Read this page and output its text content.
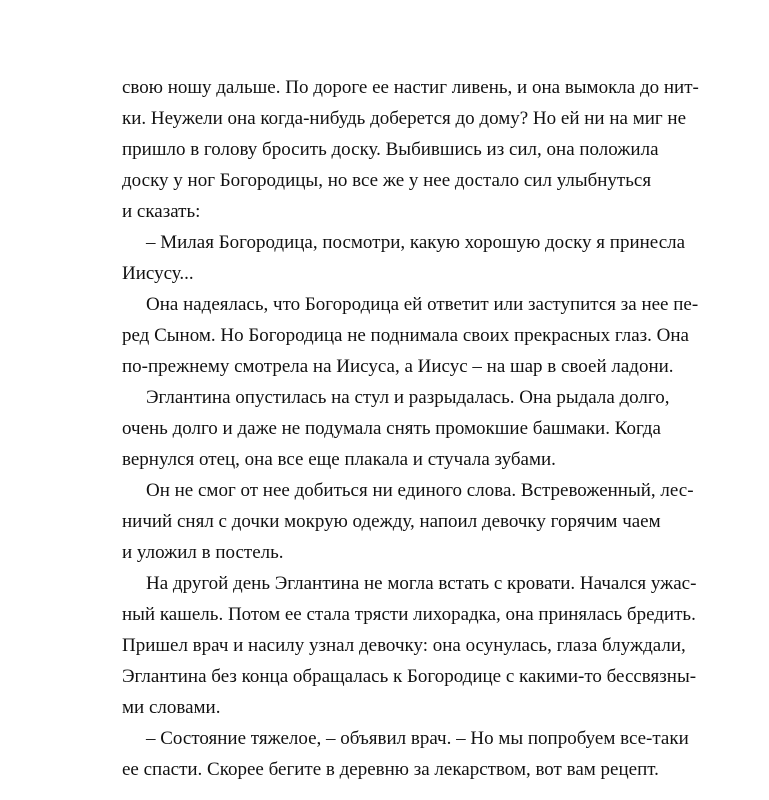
свою ношу дальше. По дороге ее настиг ливень, и она вымокла до нит-
ки. Неужели она когда-нибудь доберется до дому? Но ей ни на миг не
пришло в голову бросить доску. Выбившись из сил, она положила
доску у ног Богородицы, но все же у нее достало сил улыбнуться
и сказать:
– Милая Богородица, посмотри, какую хорошую доску я принесла
Иисусу...
Она надеялась, что Богородица ей ответит или заступится за нее пе-
ред Сыном. Но Богородица не поднимала своих прекрасных глаз. Она
по-прежнему смотрела на Иисуса, а Иисус – на шар в своей ладони.
Эглантина опустилась на стул и разрыдалась. Она рыдала долго,
очень долго и даже не подумала снять промокшие башмаки. Когда
вернулся отец, она все еще плакала и стучала зубами.
Он не смог от нее добиться ни единого слова. Встревоженный, лес-
ничий снял с дочки мокрую одежду, напоил девочку горячим чаем
и уложил в постель.
На другой день Эглантина не могла встать с кровати. Начался ужас-
ный кашель. Потом ее стала трясти лихорадка, она принялась бредить.
Пришел врач и насилу узнал девочку: она осунулась, глаза блуждали,
Эглантина без конца обращалась к Богородице с какими-то бессвязны-
ми словами.
– Состояние тяжелое, – объявил врач. – Но мы попробуем все-таки
ее спасти. Скорее бегите в деревню за лекарством, вот вам рецепт.
